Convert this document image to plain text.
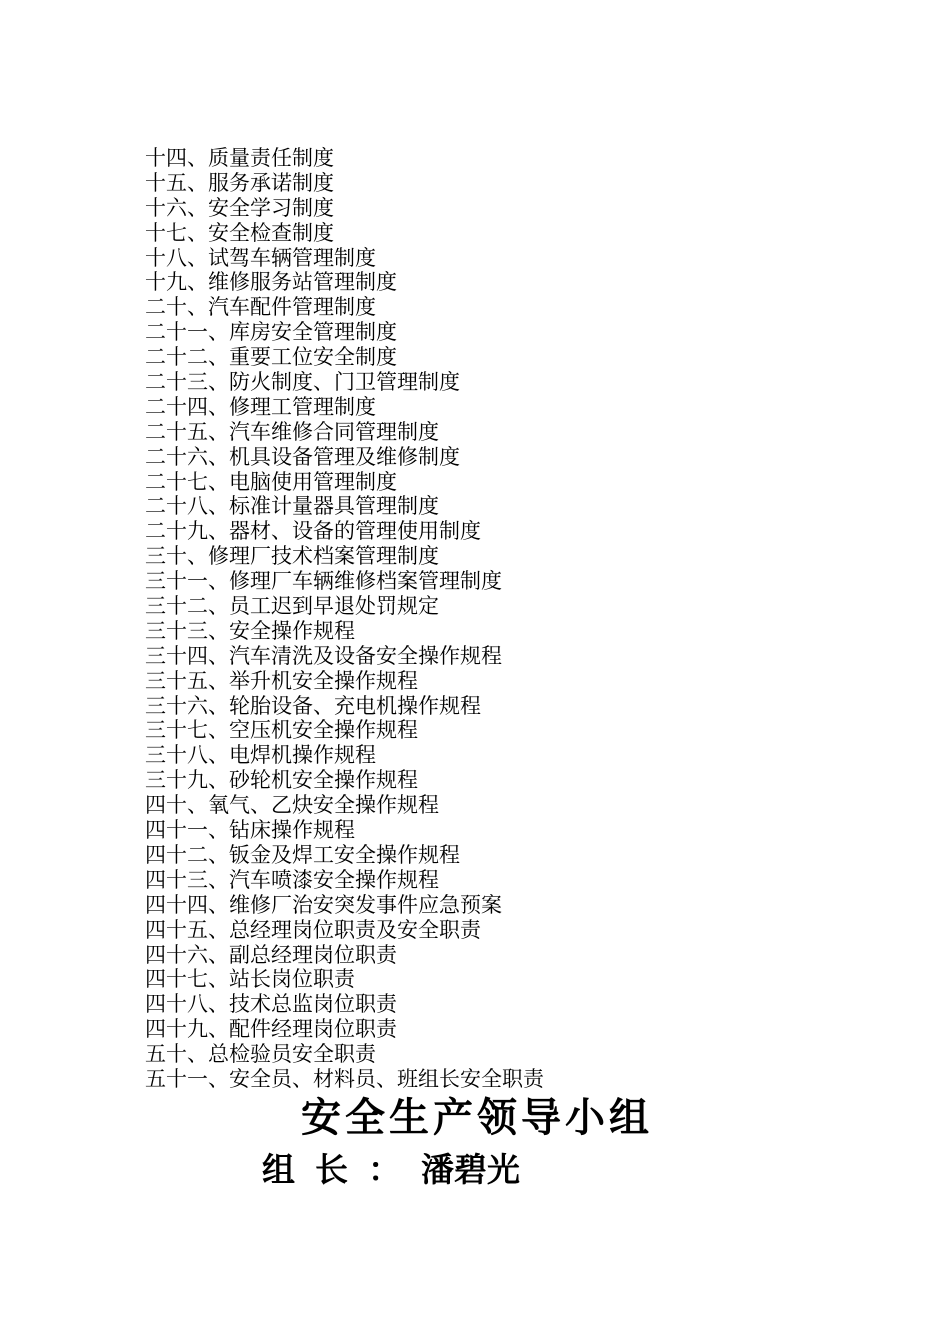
十四、质量责任制度
十五、服务承诺制度
十六、安全学习制度
十七、安全检查制度
十八、试驾车辆管理制度
十九、维修服务站管理制度
二十、汽车配件管理制度
二十一、库房安全管理制度
二十二、重要工位安全制度
二十三、防火制度、门卫管理制度
二十四、修理工管理制度
二十五、汽车维修合同管理制度
二十六、机具设备管理及维修制度
二十七、电脑使用管理制度
二十八、标准计量器具管理制度
二十九、器材、设备的管理使用制度
三十、修理厂技术档案管理制度
三十一、修理厂车辆维修档案管理制度
三十二、员工迟到早退处罚规定
三十三、安全操作规程
三十四、汽车清洗及设备安全操作规程
三十五、举升机安全操作规程
三十六、轮胎设备、充电机操作规程
三十七、空压机安全操作规程
三十八、电焊机操作规程
三十九、砂轮机安全操作规程
四十、氧气、乙炔安全操作规程
四十一、钻床操作规程
四十二、钣金及焊工安全操作规程
四十三、汽车喷漆安全操作规程
四十四、维修厂治安突发事件应急预案
四十五、总经理岗位职责及安全职责
四十六、副总经理岗位职责
四十七、站长岗位职责
四十八、技术总监岗位职责
四十九、配件经理岗位职责
五十、总检验员安全职责
五十一、安全员、材料员、班组长安全职责
安全生产领导小组
组长：潘碧光
